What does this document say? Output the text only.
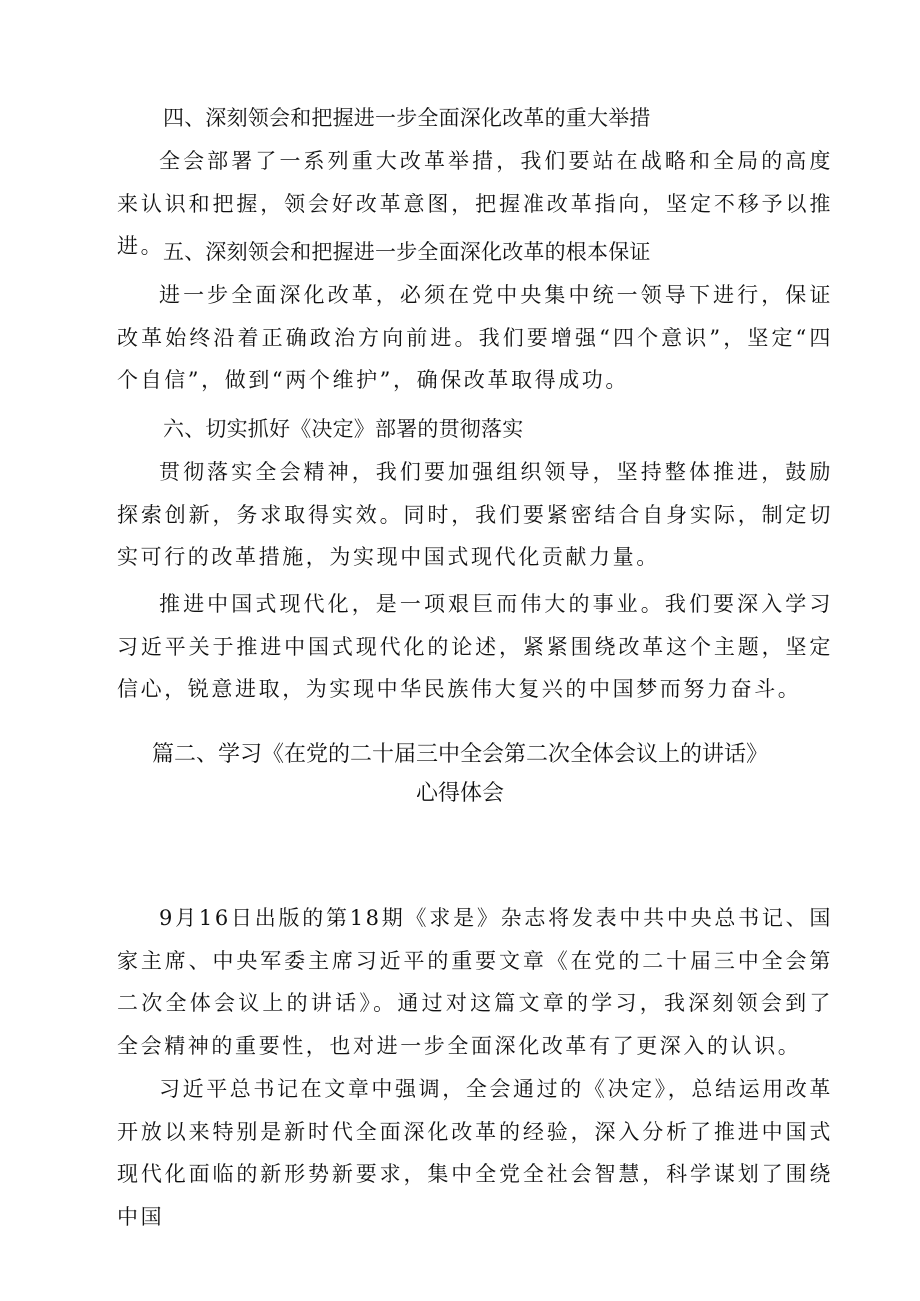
四、深刻领会和把握进一步全面深化改革的重大举措

全会部署了一系列重大改革举措，我们要站在战略和全局的高度来认识和把握，领会好改革意图，把握准改革指向，坚定不移予以推进。

五、深刻领会和把握进一步全面深化改革的根本保证

进一步全面深化改革，必须在党中央集中统一领导下进行，保证改革始终沿着正确政治方向前进。我们要增强“四个意识”，坚定“四个自信”，做到“两个维护”，确保改革取得成功。

六、切实抓好《决定》部署的贯彻落实

贯彻落实全会精神，我们要加强组织领导，坚持整体推进，鼓励探索创新，务求取得实效。同时，我们要紧密结合自身实际，制定切实可行的改革措施，为实现中国式现代化贡献力量。

推进中国式现代化，是一项艰巨而伟大的事业。我们要深入学习习近平关于推进中国式现代化的论述，紧紧围绕改革这个主题，坚定信心，锐意进取，为实现中华民族伟大复兴的中国梦而努力奋斗。

篇二、学习《在党的二十届三中全会第二次全体会议上的讲话》
心得体会

9月16日出版的第18期《求是》杂志将发表中共中央总书记、国家主席、中央军委主席习近平的重要文章《在党的二十届三中全会第二次全体会议上的讲话》。通过对这篇文章的学习，我深刻领会到了全会精神的重要性，也对进一步全面深化改革有了更深入的认识。

习近平总书记在文章中强调，全会通过的《决定》，总结运用改革开放以来特别是新时代全面深化改革的经验，深入分析了推进中国式现代化面临的新形势新要求，集中全党全社会智慧，科学谋划了围绕中国
